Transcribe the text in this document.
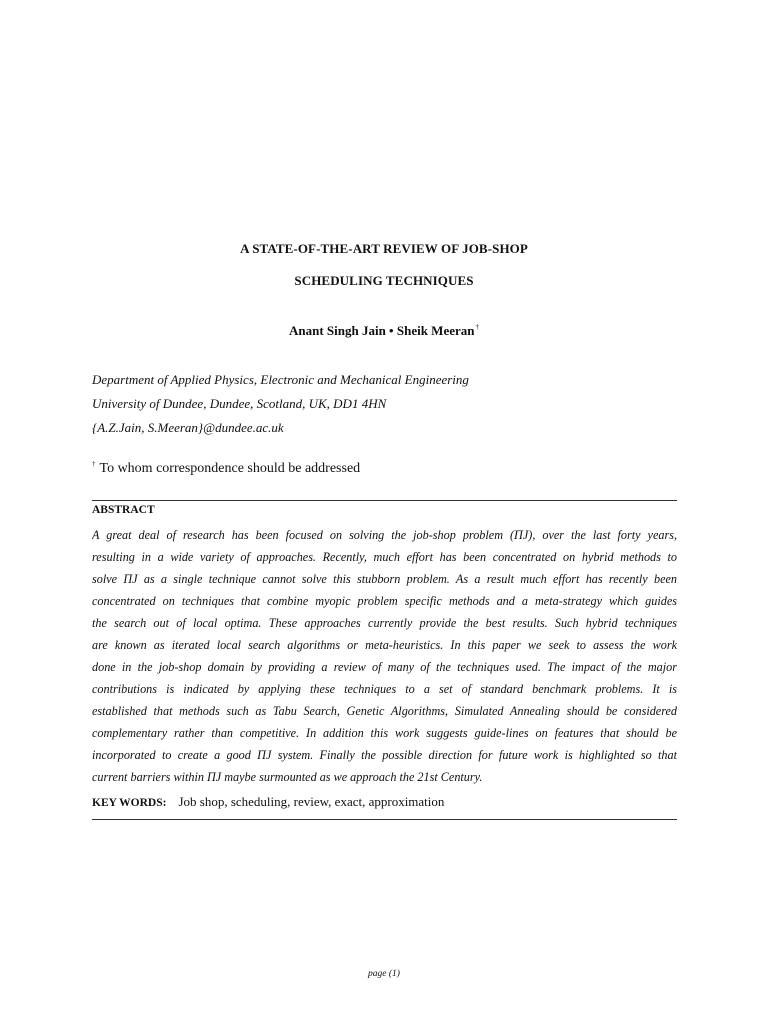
A STATE-OF-THE-ART REVIEW OF JOB-SHOP
SCHEDULING TECHNIQUES
Anant Singh Jain • Sheik Meeran†
Department of Applied Physics, Electronic and Mechanical Engineering
University of Dundee, Dundee, Scotland, UK, DD1 4HN
{A.Z.Jain, S.Meeran}@dundee.ac.uk
† To whom correspondence should be addressed
ABSTRACT
A great deal of research has been focused on solving the job-shop problem (ΠJ), over the last forty years,
resulting in a wide variety of approaches. Recently, much effort has been concentrated on hybrid methods to
solve ΠJ as a single technique cannot solve this stubborn problem. As a result much effort has recently been
concentrated on techniques that combine myopic problem specific methods and a meta-strategy which guides
the search out of local optima. These approaches currently provide the best results. Such hybrid techniques
are known as iterated local search algorithms or meta-heuristics. In this paper we seek to assess the work
done in the job-shop domain by providing a review of many of the techniques used. The impact of the major
contributions is indicated by applying these techniques to a set of standard benchmark problems. It is
established that methods such as Tabu Search, Genetic Algorithms, Simulated Annealing should be considered
complementary rather than competitive. In addition this work suggests guide-lines on features that should be
incorporated to create a good ΠJ system. Finally the possible direction for future work is highlighted so that
current barriers within ΠJ maybe surmounted as we approach the 21st Century.
KEY WORDS: Job shop, scheduling, review, exact, approximation
page (1)
